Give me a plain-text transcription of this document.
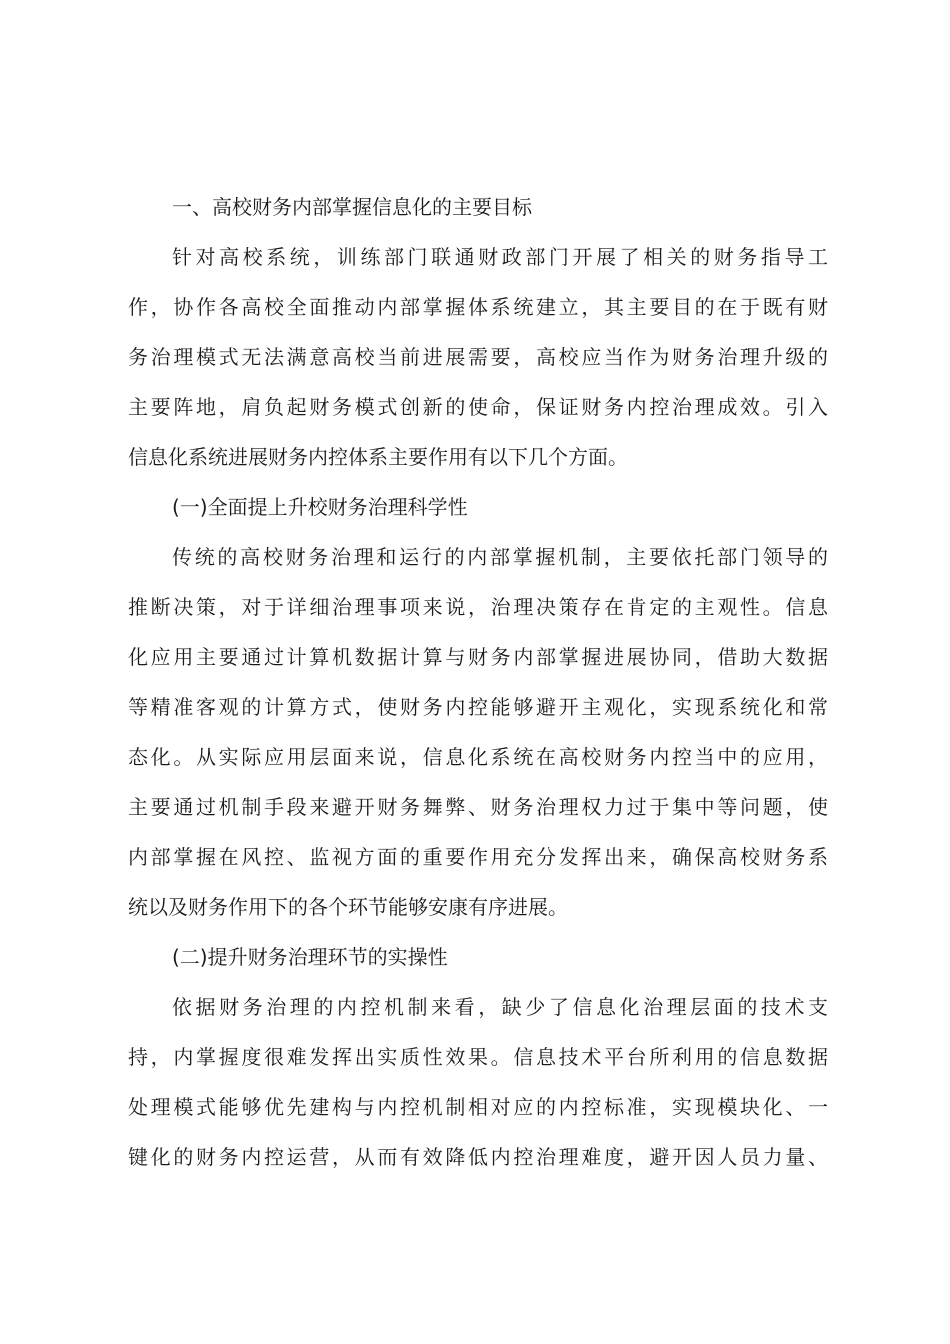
一、高校财务内部掌握信息化的主要目标
针对高校系统，训练部门联通财政部门开展了相关的财务指导工
作，协作各高校全面推动内部掌握体系统建立，其主要目的在于既有财
务治理模式无法满意高校当前进展需要，高校应当作为财务治理升级的
主要阵地，肩负起财务模式创新的使命，保证财务内控治理成效。引入
信息化系统进展财务内控体系主要作用有以下几个方面。
(一)全面提上升校财务治理科学性
传统的高校财务治理和运行的内部掌握机制，主要依托部门领导的
推断决策，对于详细治理事项来说，治理决策存在肯定的主观性。信息
化应用主要通过计算机数据计算与财务内部掌握进展协同，借助大数据
等精准客观的计算方式，使财务内控能够避开主观化，实现系统化和常
态化。从实际应用层面来说，信息化系统在高校财务内控当中的应用，
主要通过机制手段来避开财务舞弊、财务治理权力过于集中等问题，使
内部掌握在风控、监视方面的重要作用充分发挥出来，确保高校财务系
统以及财务作用下的各个环节能够安康有序进展。
(二)提升财务治理环节的实操性
依据财务治理的内控机制来看，缺少了信息化治理层面的技术支
持，内掌握度很难发挥出实质性效果。信息技术平台所利用的信息数据
处理模式能够优先建构与内控机制相对应的内控标准，实现模块化、一
键化的财务内控运营，从而有效降低内控治理难度，避开因人员力量、
